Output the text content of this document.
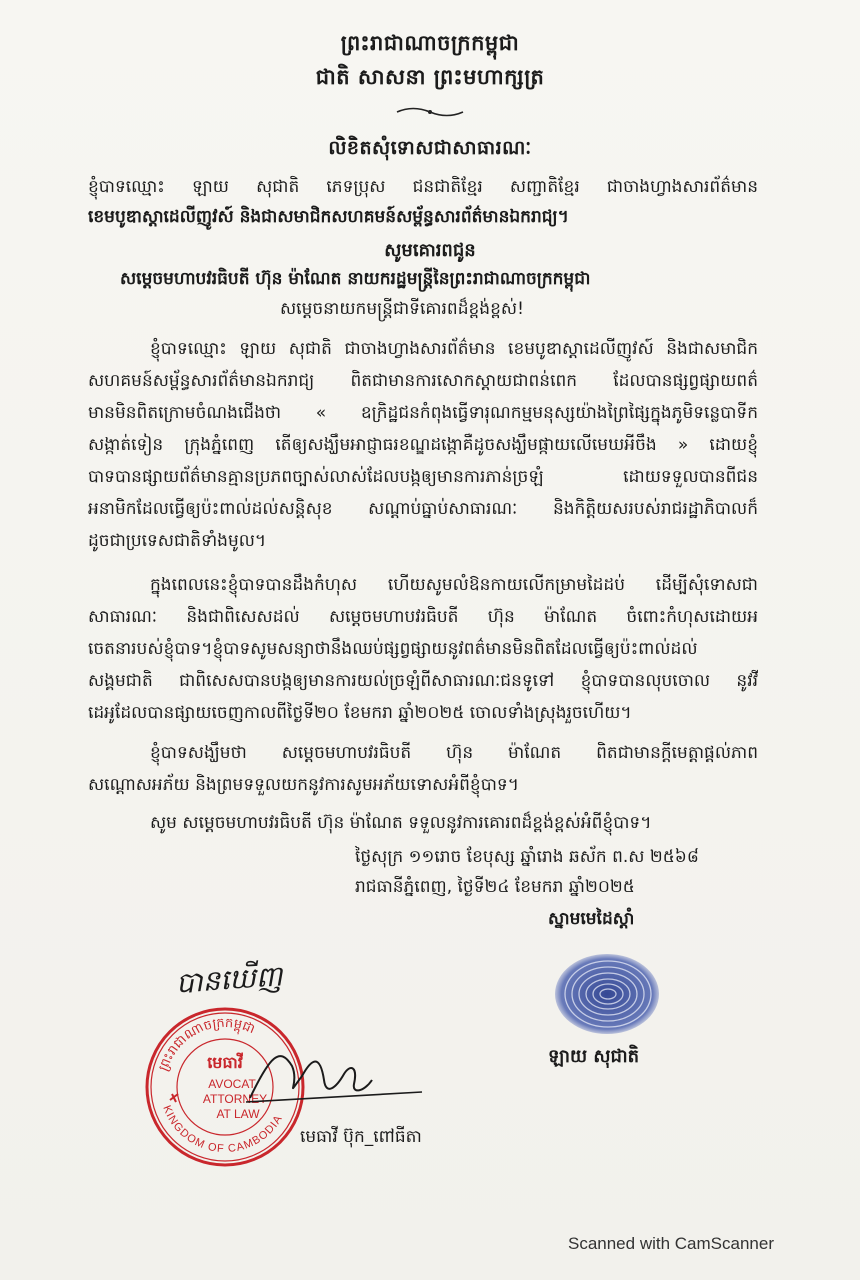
ព្រះរាជាណាចក្រកម្ពុជា
ជាតិ សាសនា ព្រះមហាក្សត្រ
លិខិតសុំទោសជាសាធារណៈ
ខ្ញុំបាទឈ្មោះ ឡាយ សុជាតិ ភេទប្រុស ជនជាតិខ្មែរ សញ្ជាតិខ្មែរ ជាចាងហ្វាងសារព័ត៌មាន
ខេមបូឌាស្តាដេលីញូវស៍ និងជាសមាជិកសហគមន៍សម្ព័ន្ធសារព័ត៌មានឯករាជ្យ។
សូមគោរពជូន
សម្តេចមហាបវរធិបតី ហ៊ុន ម៉ាណែត នាយករដ្ឋមន្ត្រីនៃព្រះរាជាណាចក្រកម្ពុជា
សម្តេចនាយកមន្ត្រីជាទីគោរពដ៏ខ្ពង់ខ្ពស់!
ខ្ញុំបាទឈ្មោះ ឡាយ សុជាតិ ជាចាងហ្វាងសារព័ត៌មាន ខេមបូឌាស្តាដេលីញូវស៍ និងជាសមាជិក
សហគមន៍សម្ព័ន្ធសារព័ត៌មានឯករាជ្យ ពិតជាមានការសោកស្តាយជាពន់ពេក ដែលបានផ្សព្វផ្សាយពត៌
មានមិនពិតក្រោមចំណងជើងថា « ឧក្រិដ្ឋជនកំពុងធ្វើទារុណកម្មមនុស្សយ៉ាងព្រៃផ្សៃក្នុងភូមិទន្លេបាទីក
សង្កាត់ទៀន ក្រុងភ្នំពេញ តើឲ្យសង្ឃឹមអាជ្ញាធរខណ្ឌដង្កោគឺដូចសង្ឃឹមផ្កាយលើមេឃអីចឹង » ដោយខ្ញុំ
បាទបានផ្សាយព័ត៌មានគ្មានប្រភពច្បាស់លាស់ដែលបង្កឲ្យមានការភាន់ច្រឡំ ដោយទទួលបានពីជន
អនាមិកដែលធ្វើឲ្យប៉ះពាល់ដល់សន្តិសុខ សណ្តាប់ធ្នាប់សាធារណៈ និងកិត្តិយសរបស់រាជរដ្ឋាភិបាលក៏
ដូចជាប្រទេសជាតិទាំងមូល។
ក្នុងពេលនេះខ្ញុំបាទបានដឹងកំហុស ហើយសូមលំឱនកាយលើកម្រាមដៃដប់ ដើម្បីសុំទោសជា
សាធារណៈ និងជាពិសេសដល់ សម្តេចមហាបវរធិបតី ហ៊ុន ម៉ាណែត ចំពោះកំហុសដោយអ
ចេតនារបស់ខ្ញុំបាទ។ខ្ញុំបាទសូមសន្យាថានឹងឈប់ផ្សព្វផ្សាយនូវពត៌មានមិនពិតដែលធ្វើឲ្យប៉ះពាល់ដល់
សង្គមជាតិ ជាពិសេសបានបង្កឲ្យមានការយល់ច្រឡំពីសាធារណៈជនទូទៅ ខ្ញុំបាទបានលុបចោល នូវវី
ដេអូដែលបានផ្សាយចេញកាលពីថ្ងៃទី២០ ខែមករា ឆ្នាំ២០២៥ ចោលទាំងស្រុងរួចហើយ។
ខ្ញុំបាទសង្ឃឹមថា សម្តេចមហាបវរធិបតី ហ៊ុន ម៉ាណែត ពិតជាមានក្តីមេត្តាផ្តល់ភាព
សណ្តោសអភ័យ និងព្រមទទួលយកនូវការសូមអភ័យទោសអំពីខ្ញុំបាទ។
សូម សម្តេចមហាបវរធិបតី ហ៊ុន ម៉ាណែត ទទួលនូវការគោរពដ៏ខ្ពង់ខ្ពស់អំពីខ្ញុំបាទ។
ថ្ងៃសុក្រ ១១រោច ខែបុស្ស ឆ្នាំរោង ឆស័ក ព.ស ២៥៦៨
រាជធានីភ្នំពេញ, ថ្ងៃទី២៤ ខែមករា ឆ្នាំ២០២៥
ស្នាមមេដៃស្តាំ
ឡាយ សុជាតិ
បានឃើញ
ព្រះរាជាណាចក្រកម្ពុជា
KINGDOM OF CAMBODIA
មេធាវី
AVOCAT
ATTORNEY
AT LAW
មេធាវី ប៊ុក_ពៅធីតា
Scanned with CamScanner
